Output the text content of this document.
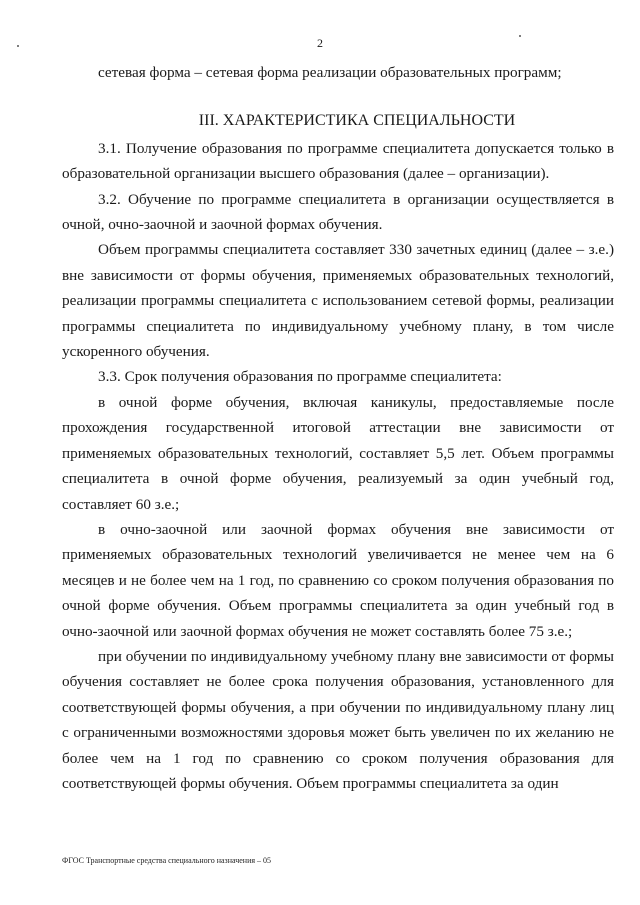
2

сетевая форма – сетевая форма реализации образовательных программ;

III. ХАРАКТЕРИСТИКА СПЕЦИАЛЬНОСТИ

3.1. Получение образования по программе специалитета допускается только в образовательной организации высшего образования (далее – организации).

3.2. Обучение по программе специалитета в организации осуществляется в очной, очно-заочной и заочной формах обучения.

Объем программы специалитета составляет 330 зачетных единиц (далее – з.е.) вне зависимости от формы обучения, применяемых образовательных технологий, реализации программы специалитета с использованием сетевой формы, реализации программы специалитета по индивидуальному учебному плану, в том числе ускоренного обучения.

3.3. Срок получения образования по программе специалитета:

в очной форме обучения, включая каникулы, предоставляемые после прохождения государственной итоговой аттестации вне зависимости от применяемых образовательных технологий, составляет 5,5 лет. Объем программы специалитета в очной форме обучения, реализуемый за один учебный год, составляет 60 з.е.;

в очно-заочной или заочной формах обучения вне зависимости от применяемых образовательных технологий увеличивается не менее чем на 6 месяцев и не более чем на 1 год, по сравнению со сроком получения образования по очной форме обучения. Объем программы специалитета за один учебный год в очно-заочной или заочной формах обучения не может составлять более 75 з.е.;

при обучении по индивидуальному учебному плану вне зависимости от формы обучения составляет не более срока получения образования, установленного для соответствующей формы обучения, а при обучении по индивидуальному плану лиц с ограниченными возможностями здоровья может быть увеличен по их желанию не более чем на 1 год по сравнению со сроком получения образования для соответствующей формы обучения. Объем программы специалитета за один

ФГОС Транспортные средства специального назначения – 05
